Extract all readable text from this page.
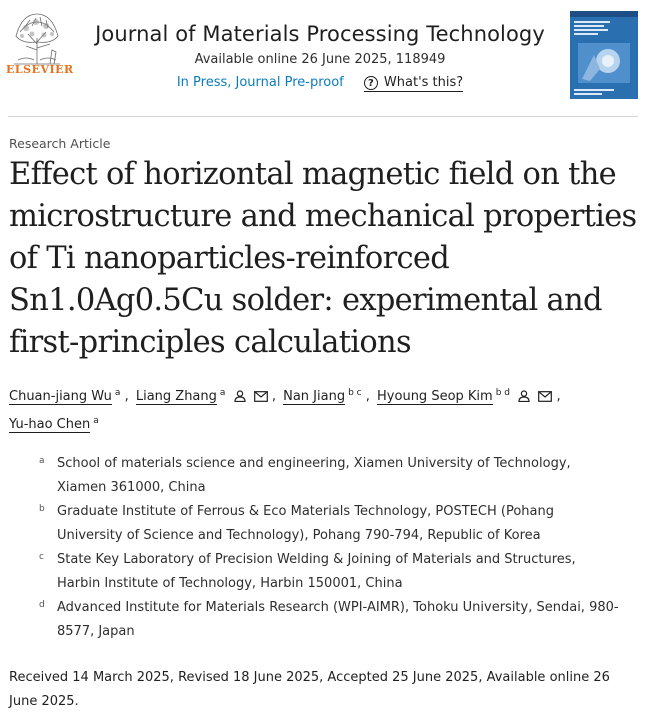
ELSEVIER
Journal of Materials Processing Technology
Available online 26 June 2025, 118949
In Press, Journal Pre-proof	? What's this?
Research Article
Effect of horizontal magnetic field on the microstructure and mechanical properties of Ti nanoparticles-reinforced Sn1.0Ag0.5Cu solder: experimental and first-principles calculations
Chuan-jiang Wu $^a$ , Liang Zhang $^a$	, Nan Jiang $^{b c}$ , Hyoung Seop Kim $^{b d}$	,
Yu-hao Chen $^a$
a School of materials science and engineering, Xiamen University of Technology, Xiamen 361000, China
b Graduate Institute of Ferrous & Eco Materials Technology, POSTECH (Pohang University of Science and Technology), Pohang 790-794, Republic of Korea
c State Key Laboratory of Precision Welding & Joining of Materials and Structures, Harbin Institute of Technology, Harbin 150001, China
d Advanced Institute for Materials Research (WPI-AIMR), Tohoku University, Sendai, 980-8577, Japan
Received 14 March 2025, Revised 18 June 2025, Accepted 25 June 2025, Available online 26 June 2025.
